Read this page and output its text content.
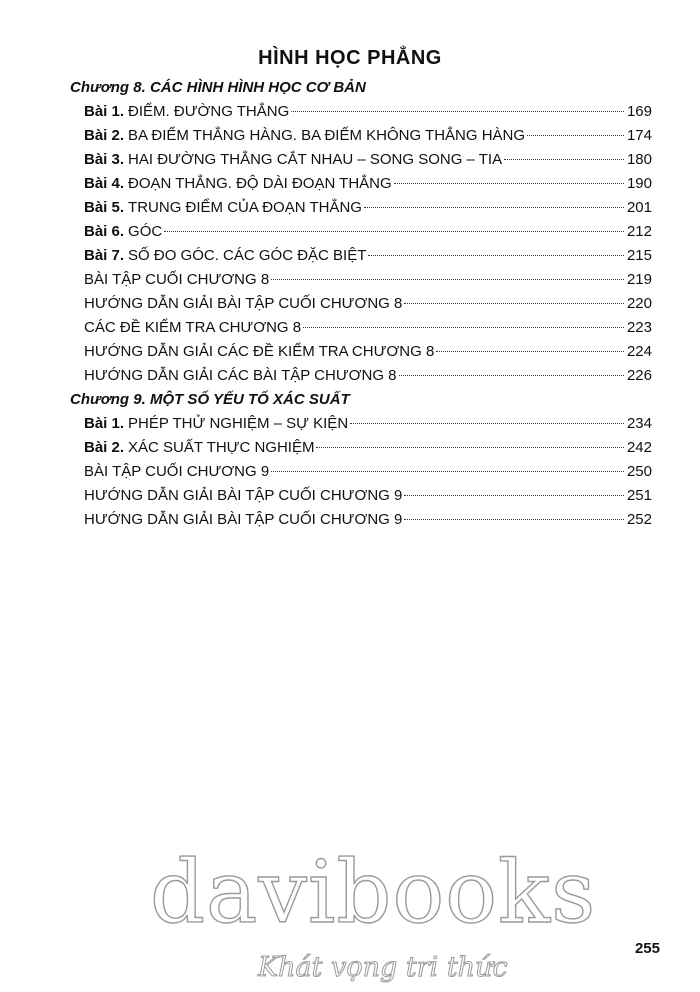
HÌNH HỌC PHẲNG
Chương 8. CÁC HÌNH HÌNH HỌC CƠ BẢN
Bài 1. ĐIỂM. ĐƯỜNG THẲNG	169
Bài 2. BA ĐIỂM THẲNG HÀNG. BA ĐIỂM KHÔNG THẲNG HÀNG	174
Bài 3. HAI ĐƯỜNG THẲNG CẮT NHAU – SONG SONG – TIA	180
Bài 4. ĐOẠN THẲNG. ĐỘ DÀI ĐOẠN THẲNG	190
Bài 5. TRUNG ĐIỂM CỦA ĐOẠN THẲNG	201
Bài 6. GÓC	212
Bài 7. SỐ ĐO GÓC. CÁC GÓC ĐẶC BIỆT	215
BÀI TẬP CUỐI CHƯƠNG 8	219
HƯỚNG DẪN GIẢI BÀI TẬP CUỐI CHƯƠNG 8	220
CÁC ĐỀ KIỂM TRA CHƯƠNG 8	223
HƯỚNG DẪN GIẢI CÁC ĐỀ KIỂM TRA CHƯƠNG 8	224
HƯỚNG DẪN GIẢI CÁC BÀI TẬP CHƯƠNG 8	226
Chương 9. MỘT SỐ YẾU TỐ XÁC SUẤT
Bài 1. PHÉP THỬ NGHIỆM – SỰ KIỆN	234
Bài 2. XÁC SUẤT THỰC NGHIỆM	242
BÀI TẬP CUỐI CHƯƠNG 9	250
HƯỚNG DẪN GIẢI BÀI TẬP CUỐI CHƯƠNG 9	251
HƯỚNG DẪN GIẢI BÀI TẬP CUỐI CHƯƠNG 9	252
davibooks
Khát vọng tri thức
255
